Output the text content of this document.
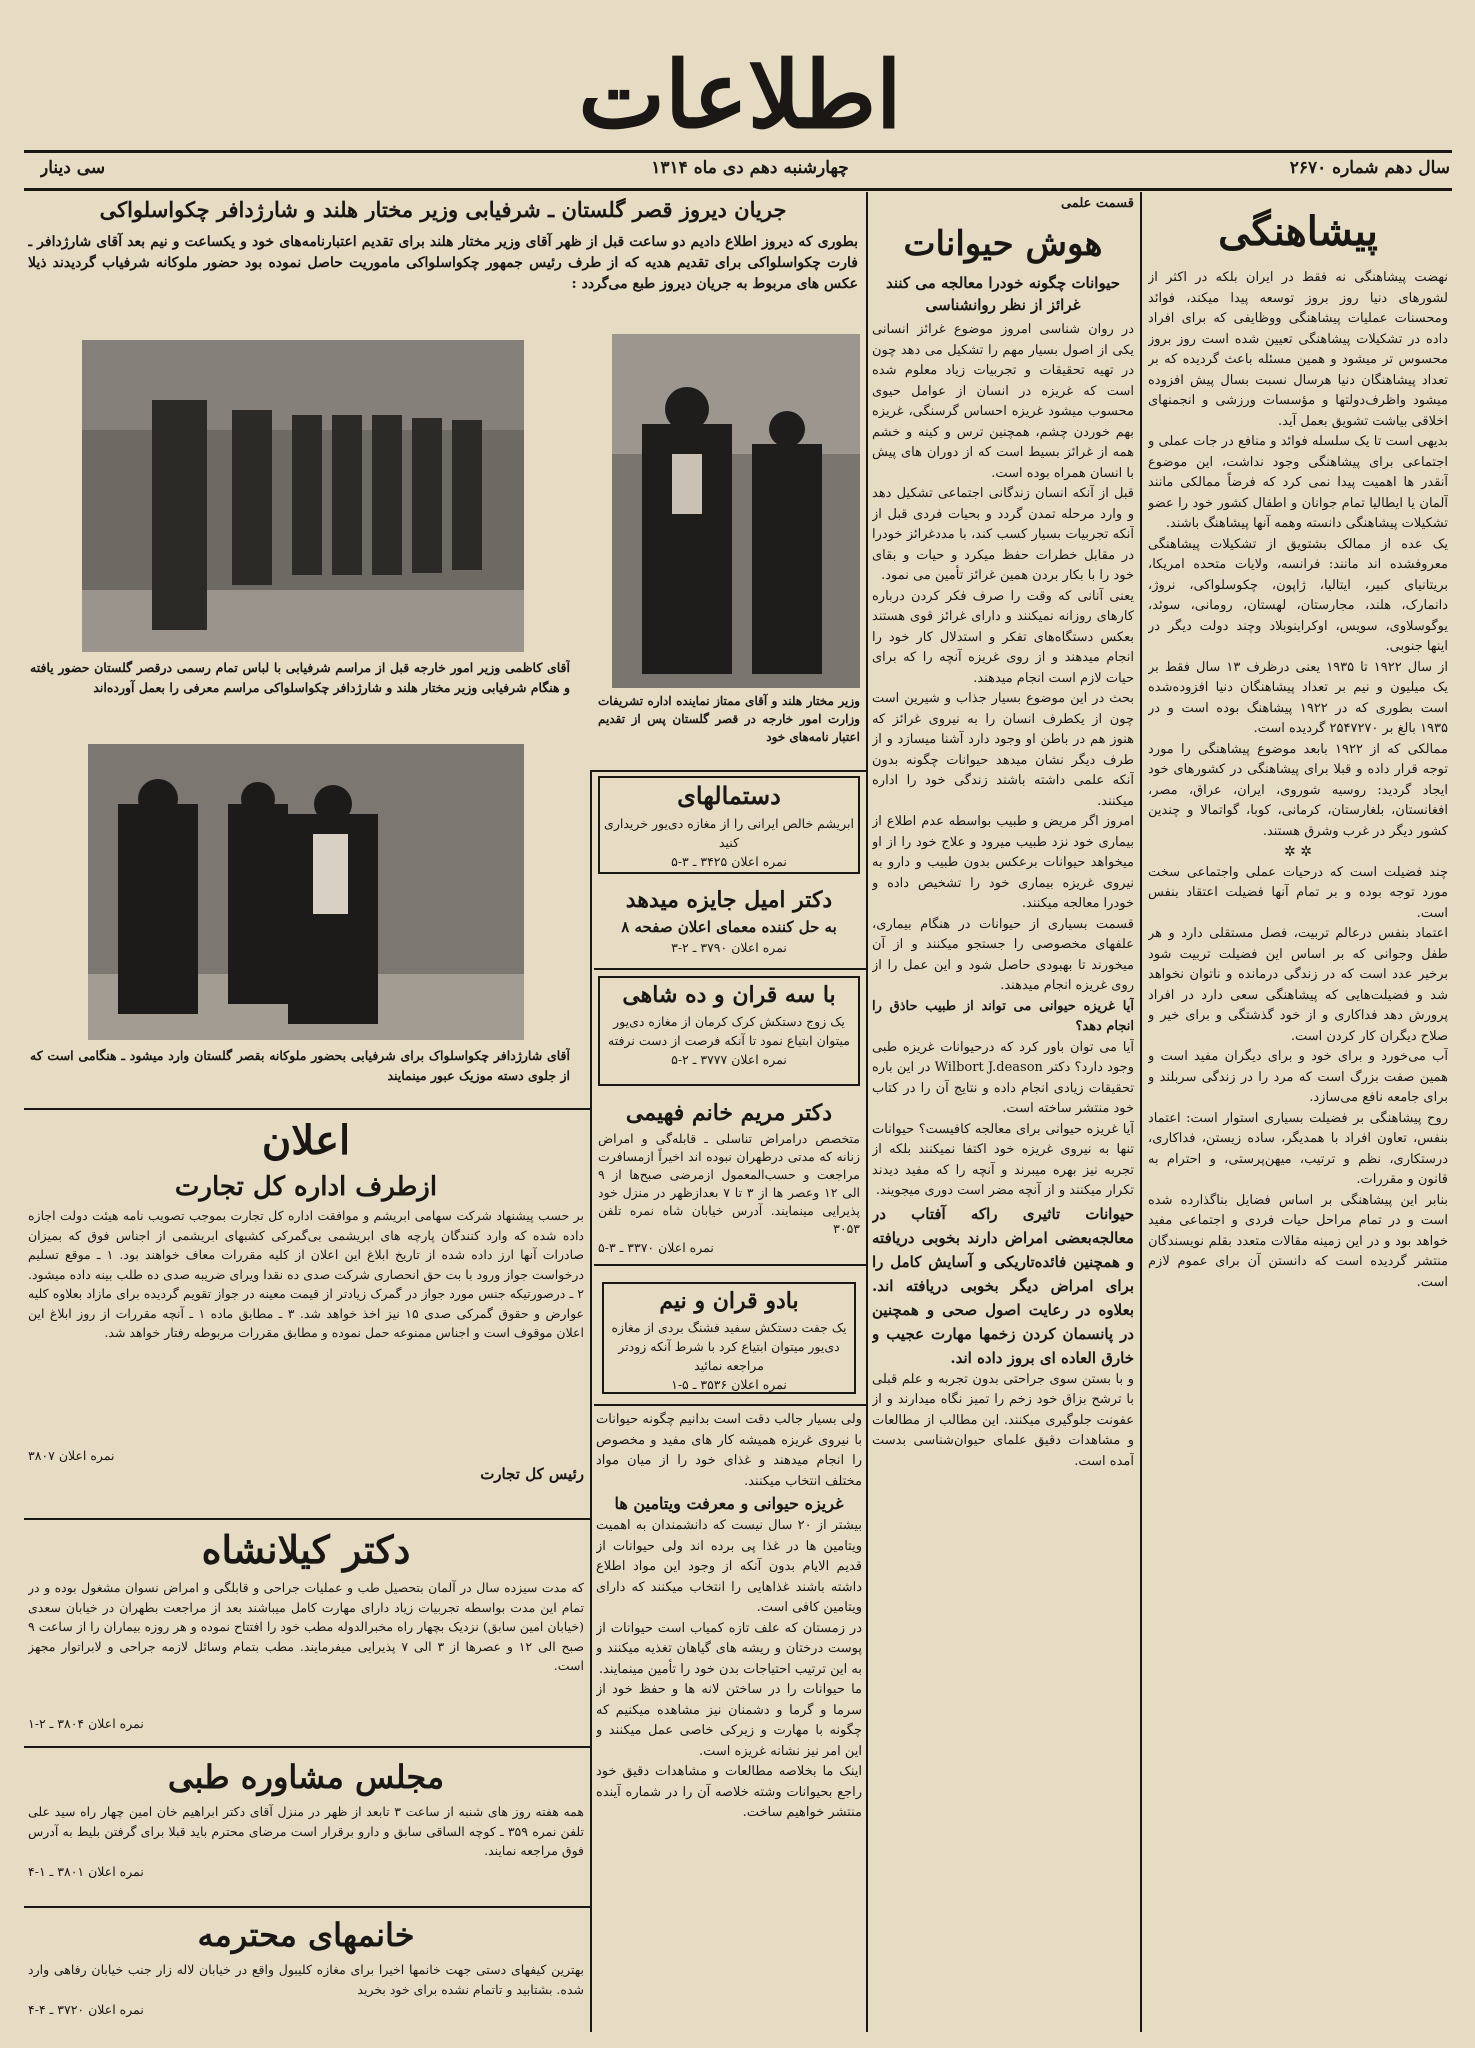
اطلاعات
سال دهم شماره ۲۶۷۰
چهارشنبه دهم دی ماه ۱۳۱۴
سی دینار
پیشاهنگی

نهضت پیشاهنگی نه فقط در ایران بلکه در اکثر از لشورهای دنیا روز بروز توسعه پیدا میکند، فوائد ومحسنات عملیات پیشاهنگی ووظایفی که برای افراد داده در تشکیلات پیشاهنگی تعیین شده است روز بروز محسوس تر میشود و همین مسئله باعث گردیده که بر تعداد پیشاهنگان دنیا هرسال نسبت بسال پیش افزوده میشود واظرف‌دولتها و مؤسسات ورزشی و انجمنهای اخلاقی بیاشت تشویق بعمل آید.

بدیهی است تا یک سلسله فوائد و منافع در جات عملی و اجتماعی برای پیشاهنگی وجود نداشت، این موضوع آنقدر ها اهمیت پیدا نمی کرد که فرضاً ممالکی مانند آلمان یا ایطالیا تمام جوانان و اطفال کشور خود را عضو تشکیلات پیشاهنگی دانسته وهمه آنها پیشاهنگ باشند.

یک عده از ممالک بشتویق از تشکیلات پیشاهنگی معروفشده اند مانند: فرانسه، ولایات متحده امریکا، بریتانیای کبیر، ایتالیا، ژاپون، چکوسلواکی، نروژ، دانمارک، هلند، مجارستان، لهستان، رومانی، سوئد، یوگوسلاوی، سویس، اوکراینوبلاد وچند دولت دیگر در اینها جنوبی.

از سال ۱۹۲۲ تا ۱۹۳۵ یعنی درظرف ۱۳ سال فقط بر یک میلیون و نیم بر تعداد پیشاهنگان دنیا افزوده‌شده است بطوری که در ۱۹۲۲ پیشاهنگ بوده است و در ۱۹۳۵ بالغ بر ۲۵۴۷۲۷۰ گردیده است.

ممالکی که از ۱۹۲۲ بابعد موضوع پیشاهنگی را مورد توجه قرار داده و قبلا برای پیشاهنگی در کشورهای خود ایجاد گردید: روسیه شوروی، ایران، عراق، مصر، افغانستان، بلغارستان، کرمانی، کوبا، گواتمالا و چندین کشور دیگر در غرب وشرق هستند.

✲ ✲

چند فضیلت است که درحیات عملی واجتماعی سخت مورد توجه بوده و بر تمام آنها فضیلت اعتقاد بنفس است.

اعتماد بنفس درعالم تربیت، فصل مستقلی دارد و هر طفل وجوانی که بر اساس این فضیلت تربیت شود برخیر عدد است که در زندگی درمانده و ناتوان نخواهد شد و فضیلت‌هایی که پیشاهنگی سعی دارد در افراد پرورش دهد فداکاری و از خود گذشتگی و برای خیر و صلاح دیگران کار کردن است.

آب می‌خورد و برای خود و برای دیگران مفید است و همین صفت بزرگ است که مرد را در زندگی سربلند و برای جامعه نافع می‌سازد.

روح پیشاهنگی بر فضیلت بسیاری استوار است: اعتماد بنفس، تعاون افراد با همدیگر، ساده زیستن، فداکاری، درستکاری، نظم و ترتیب، میهن‌پرستی، و احترام به قانون و مقررات.

بنابر این پیشاهنگی بر اساس فضایل بناگذارده شده است و در تمام مراحل حیات فردی و اجتماعی مفید خواهد بود و در این زمینه مقالات متعدد بقلم نویسندگان منتشر گردیده است که دانستن آن برای عموم لازم است.

قسمت علمی
هوش حیوانات
حیوانات چگونه خودرا معالجه می کنند غرائز از نظر روانشناسی

در روان شناسی امروز موضوع غرائز انسانی یکی از اصول بسیار مهم را تشکیل می دهد چون در تهیه تحقیقات و تجربیات زیاد معلوم شده است که غریزه در انسان از عوامل حیوی محسوب میشود غریزه احساس گرسنگی، غریزه بهم خوردن چشم، همچنین ترس و کینه و خشم همه از غرائز بسیط است که از دوران های پیش با انسان همراه بوده است.

قبل از آنکه انسان زندگانی اجتماعی تشکیل دهد و وارد مرحله تمدن گردد و بحیات فردی قبل از آنکه تجربیات بسیار کسب کند، با مددغرائز خودرا در مقابل خطرات حفظ میکرد و حیات و بقای خود را با بکار بردن همین غرائز تأمین می نمود.

یعنی آنانی که وقت را صرف فکر کردن درباره کارهای روزانه نمیکنند و دارای غرائز قوی هستند بعکس دستگاه‌های تفکر و استدلال کار خود را انجام میدهند و از روی غریزه آنچه را که برای حیات لازم است انجام میدهند.

بحث در این موضوع بسیار جذاب و شیرین است چون از یکطرف انسان را به نیروی غرائز که هنوز هم در باطن او وجود دارد آشنا میسازد و از طرف دیگر نشان میدهد حیوانات چگونه بدون آنکه علمی داشته باشند زندگی خود را اداره میکنند.

امروز اگر مریض و طبیب بواسطه عدم اطلاع از بیماری خود نزد طبیب میرود و علاج خود را از او میخواهد حیوانات برعکس بدون طبیب و دارو به نیروی غریزه بیماری خود را تشخیص داده و خودرا معالجه میکنند.

قسمت بسیاری از حیوانات در هنگام بیماری، علفهای مخصوصی را جستجو میکنند و از آن میخورند تا بهبودی حاصل شود و این عمل را از روی غریزه انجام میدهند.

آیا غریزه حیوانی می تواند از طبیب حاذق را انجام دهد؟

آیا می توان باور کرد که درحیوانات غریزه طبی وجود دارد؟ دکتر Wilbort J.deason در این باره تحقیقات زیادی انجام داده و نتایج آن را در کتاب خود منتشر ساخته است.

آیا غریزه حیوانی برای معالجه کافیست؟ حیوانات تنها به نیروی غریزه خود اکتفا نمیکنند بلکه از تجربه نیز بهره میبرند و آنچه را که مفید دیدند تکرار میکنند و از آنچه مضر است دوری میجویند.

حیوانات تاثیری راکه آفتاب در معالجه‌بعضی امراض دارند بخوبی دریافته و همچنین فائده‌تاریکی و آسایش کامل را برای امراض دیگر بخوبی دریافته اند. بعلاوه در رعایت اصول صحی و همچنین در پانسمان کردن زخمها مهارت عجیب و خارق العاده ای بروز داده اند.

و با بستن سوی جراحتی بدون تجربه و علم قبلی با ترشح بزاق خود زخم را تمیز نگاه میدارند و از عفونت جلوگیری میکنند. این مطالب از مطالعات و مشاهدات دقیق علمای حیوان‌شناسی بدست آمده است.

جریان دیروز قصر گلستان ـ شرفیابی وزیر مختار هلند و شارژدافر چکواسلواکی
بطوری که دیروز اطلاع دادیم دو ساعت قبل از ظهر آقای وزیر مختار هلند برای تقدیم اعتبارنامه‌های خود و یکساعت و نیم بعد آقای شارژدافر ـ فارت چکواسلواکی برای تقدیم هدیه که از طرف رئیس جمهور چکواسلواکی ماموریت حاصل نموده بود حضور ملوکانه شرفیاب گردیدند ذیلا عکس های مربوط به جریان دیروز طبع می‌گردد :
آقای کاظمی وزیر امور خارجه قبل از مراسم شرفیابی با لباس تمام رسمی درقصر گلستان حضور یافته و هنگام شرفیابی وزیر مختار هلند و شارژدافر چکواسلواکی مراسم معرفی را بعمل آورده‌اند
وزیر مختار هلند و آقای ممتاز نماینده اداره تشریفات وزارت امور خارجه در قصر گلستان پس از تقدیم اعتبار نامه‌های خود
آقای شارژدافر چکواسلواک برای شرفیابی بحضور ملوکانه بقصر گلستان وارد میشود ـ هنگامی است که از جلوی دسته موزیک عبور مینمایند
دستمالهای
ابریشم خالص ایرانی را از مغازه دی‌یور خریداری کنید
نمره اعلان ۳۴۲۵ ـ ۳-۵
دکتر امیل جایزه میدهد
به حل کننده معمای اعلان صفحه ۸
نمره اعلان ۳۷۹۰ ـ ۲-۳
با سه قران و ده شاهی
یک زوج دستکش کرک کرمان از مغازه دی‌یور میتوان ابتیاع نمود تا آنکه فرصت از دست نرفته
نمره اعلان ۳۷۷۷ ـ ۲-۵
دکتر مریم خانم فهیمی
متخصص درامراض تناسلی ـ قابله‌گی و امراض زنانه که مدتی درطهران نبوده اند اخیراً ازمسافرت مراجعت و حسب‌المعمول ازمرضی صبح‌ها از ۹ الی ۱۲ وعصر ها از ۳ تا ۷ بعدازظهر در منزل خود پذیرایی مینمایند. آدرس خیابان شاه نمره تلفن ۳۰۵۳
نمره اعلان ۳۳۷۰ ـ ۳-۵
بادو قران و نیم
یک جفت دستکش سفید فشنگ بردی از مغازه دی‌یور میتوان ابتیاع کرد با شرط آنکه زودتر مراجعه نمائید
نمره اعلان ۳۵۳۶ ـ ۵-۱
ولی بسیار جالب دقت است بدانیم چگونه حیوانات با نیروی غریزه همیشه کار های مفید و مخصوص را انجام میدهند و غذای خود را از میان مواد مختلف انتخاب میکنند.
غریزه حیوانی و معرفت ویتامین ها
بیشتر از ۲۰ سال نیست که دانشمندان به اهمیت ویتامین ها در غذا پی برده اند ولی حیوانات از قدیم الایام بدون آنکه از وجود این مواد اطلاع داشته باشند غذاهایی را انتخاب میکنند که دارای ویتامین کافی است.
در زمستان که علف تازه کمیاب است حیوانات از پوست درختان و ریشه های گیاهان تغذیه میکنند و به این ترتیب احتیاجات بدن خود را تأمین مینمایند.
ما حیوانات را در ساختن لانه ها و حفظ خود از سرما و گرما و دشمنان نیز مشاهده میکنیم که چگونه با مهارت و زیرکی خاصی عمل میکنند و این امر نیز نشانه غریزه است.
اینک ما بخلاصه مطالعات و مشاهدات دقیق خود راجع بحیوانات وشته خلاصه آن را در شماره آینده منتشر خواهیم ساخت.
اعلان
ازطرف اداره کل تجارت
بر حسب پیشنهاد شرکت سهامی ابریشم و موافقت اداره کل تجارت بموجب تصویب نامه هیئت دولت اجازه داده شده که وارد کنندگان پارچه های ابریشمی بی‌گمرکی کشبهای ابریشمی از اجناس فوق که بمیزان صادرات آنها ارز داده شده از تاریخ ابلاغ این اعلان از کلیه مقررات معاف خواهند بود. ۱ ـ موقع تسلیم درخواست جواز ورود با بت حق انحصاری شرکت صدی ده نقدا ویرای ضریبه صدی ده طلب بینه داده میشود. ۲ ـ درصورتیکه جنس مورد جواز در گمرک زیادتر از قیمت معینه در جواز تقویم گردیده برای مازاد بعلاوه کلیه عوارض و حقوق گمرکی صدی ۱۵ نیز اخذ خواهد شد. ۳ ـ مطابق ماده ۱ ـ آنچه مقررات از روز ابلاغ این اعلان موقوف است و اجناس ممنوعه حمل نموده و مطابق مقررات مربوطه رفتار خواهد شد.
نمره اعلان ۳۸۰۷
رئیس کل تجارت
دکتر کیلانشاه
که مدت سیزده سال در آلمان بتحصیل طب و عملیات جراحی و قابلگی و امراض نسوان مشغول بوده و در تمام این مدت بواسطه تجربیات زیاد دارای مهارت کامل میباشند بعد از مراجعت بطهران در خیابان سعدی (خیابان امین سابق) نزدیک بچهار راه مخبرالدوله مطب خود را افتتاح نموده و هر روزه بیماران را از ساعت ۹ صبح الی ۱۲ و عصرها از ۳ الی ۷ پذیرایی میفرمایند. مطب بتمام وسائل لازمه جراحی و لابراتوار مجهز است.
نمره اعلان ۳۸۰۴ ـ ۲-۱
مجلس مشاوره طبی
همه هفته روز های شنبه از ساعت ۳ تابعد از ظهر در منزل آقای دکتر ابراهیم خان امین چهار راه سید علی تلفن نمره ۳۵۹ ـ کوچه الساقی سابق و دارو برقرار است مرضای محترم باید قبلا برای گرفتن بلیط به آدرس فوق مراجعه نمایند.
نمره اعلان ۳۸۰۱ ـ ۱-۴
خانمهای محترمه
بهترین کیفهای دستی جهت خانمها اخیرا برای مغازه کلیبول واقع در خیابان لاله زار جنب خیابان رفاهی وارد شده. بشتابید و تاتمام نشده برای خود بخرید
نمره اعلان ۳۷۲۰ ـ ۴-۴
